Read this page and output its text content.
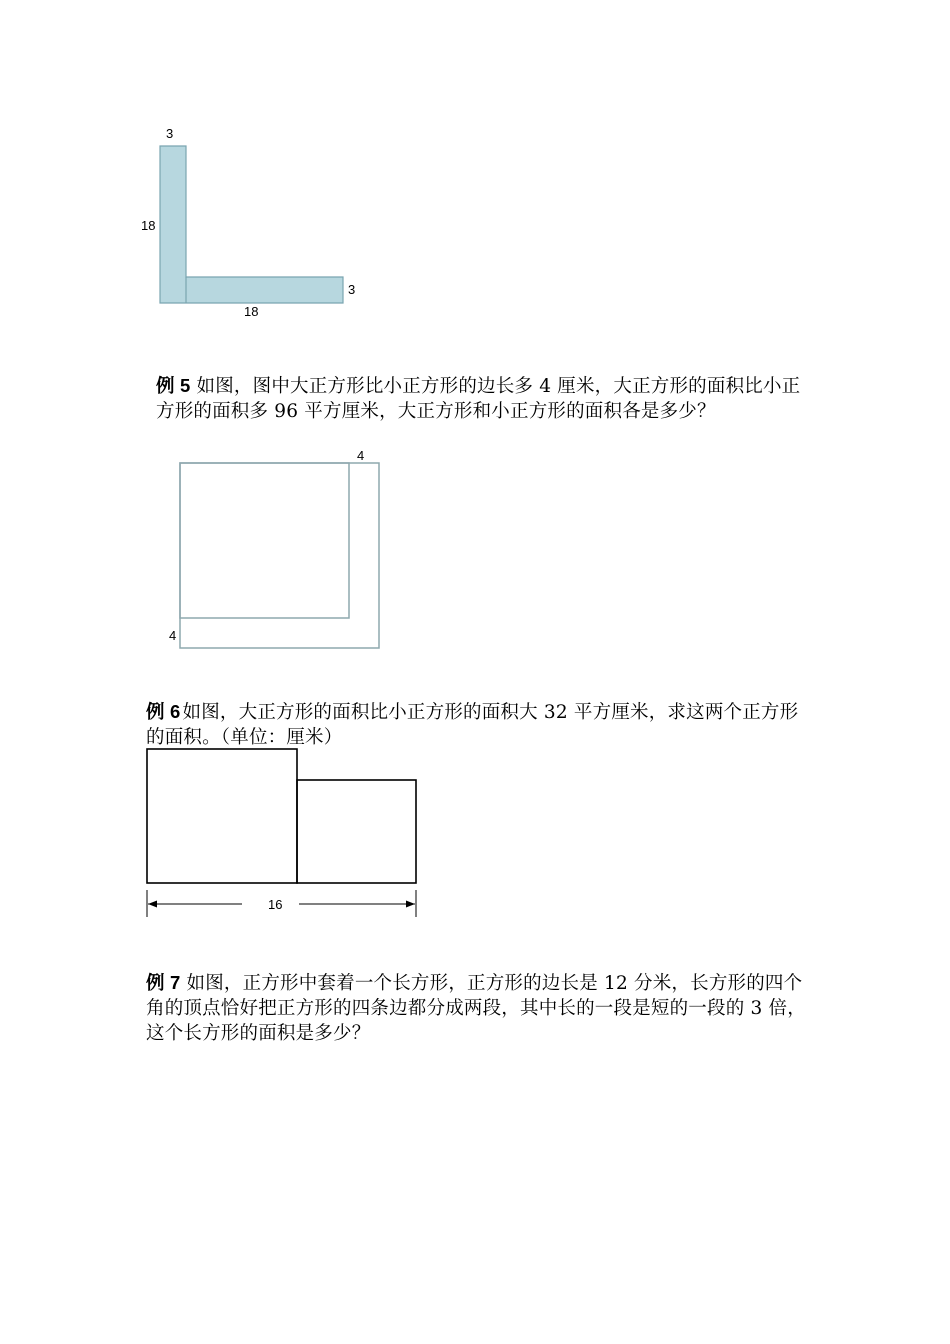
3
18
3
18
例 5 如图，图中大正方形比小正方形的边长多 4 厘米，大正方形的面积比小正方形的面积多 96 平方厘米，大正方形和小正方形的面积各是多少？
4
4
例 6 如图，大正方形的面积比小正方形的面积大 32 平方厘米，求这两个正方形的面积。（单位：厘米）
16
例 7 如图，正方形中套着一个长方形，正方形的边长是 12 分米，长方形的四个角的顶点恰好把正方形的四条边都分成两段，其中长的一段是短的一段的 3 倍，这个长方形的面积是多少？
